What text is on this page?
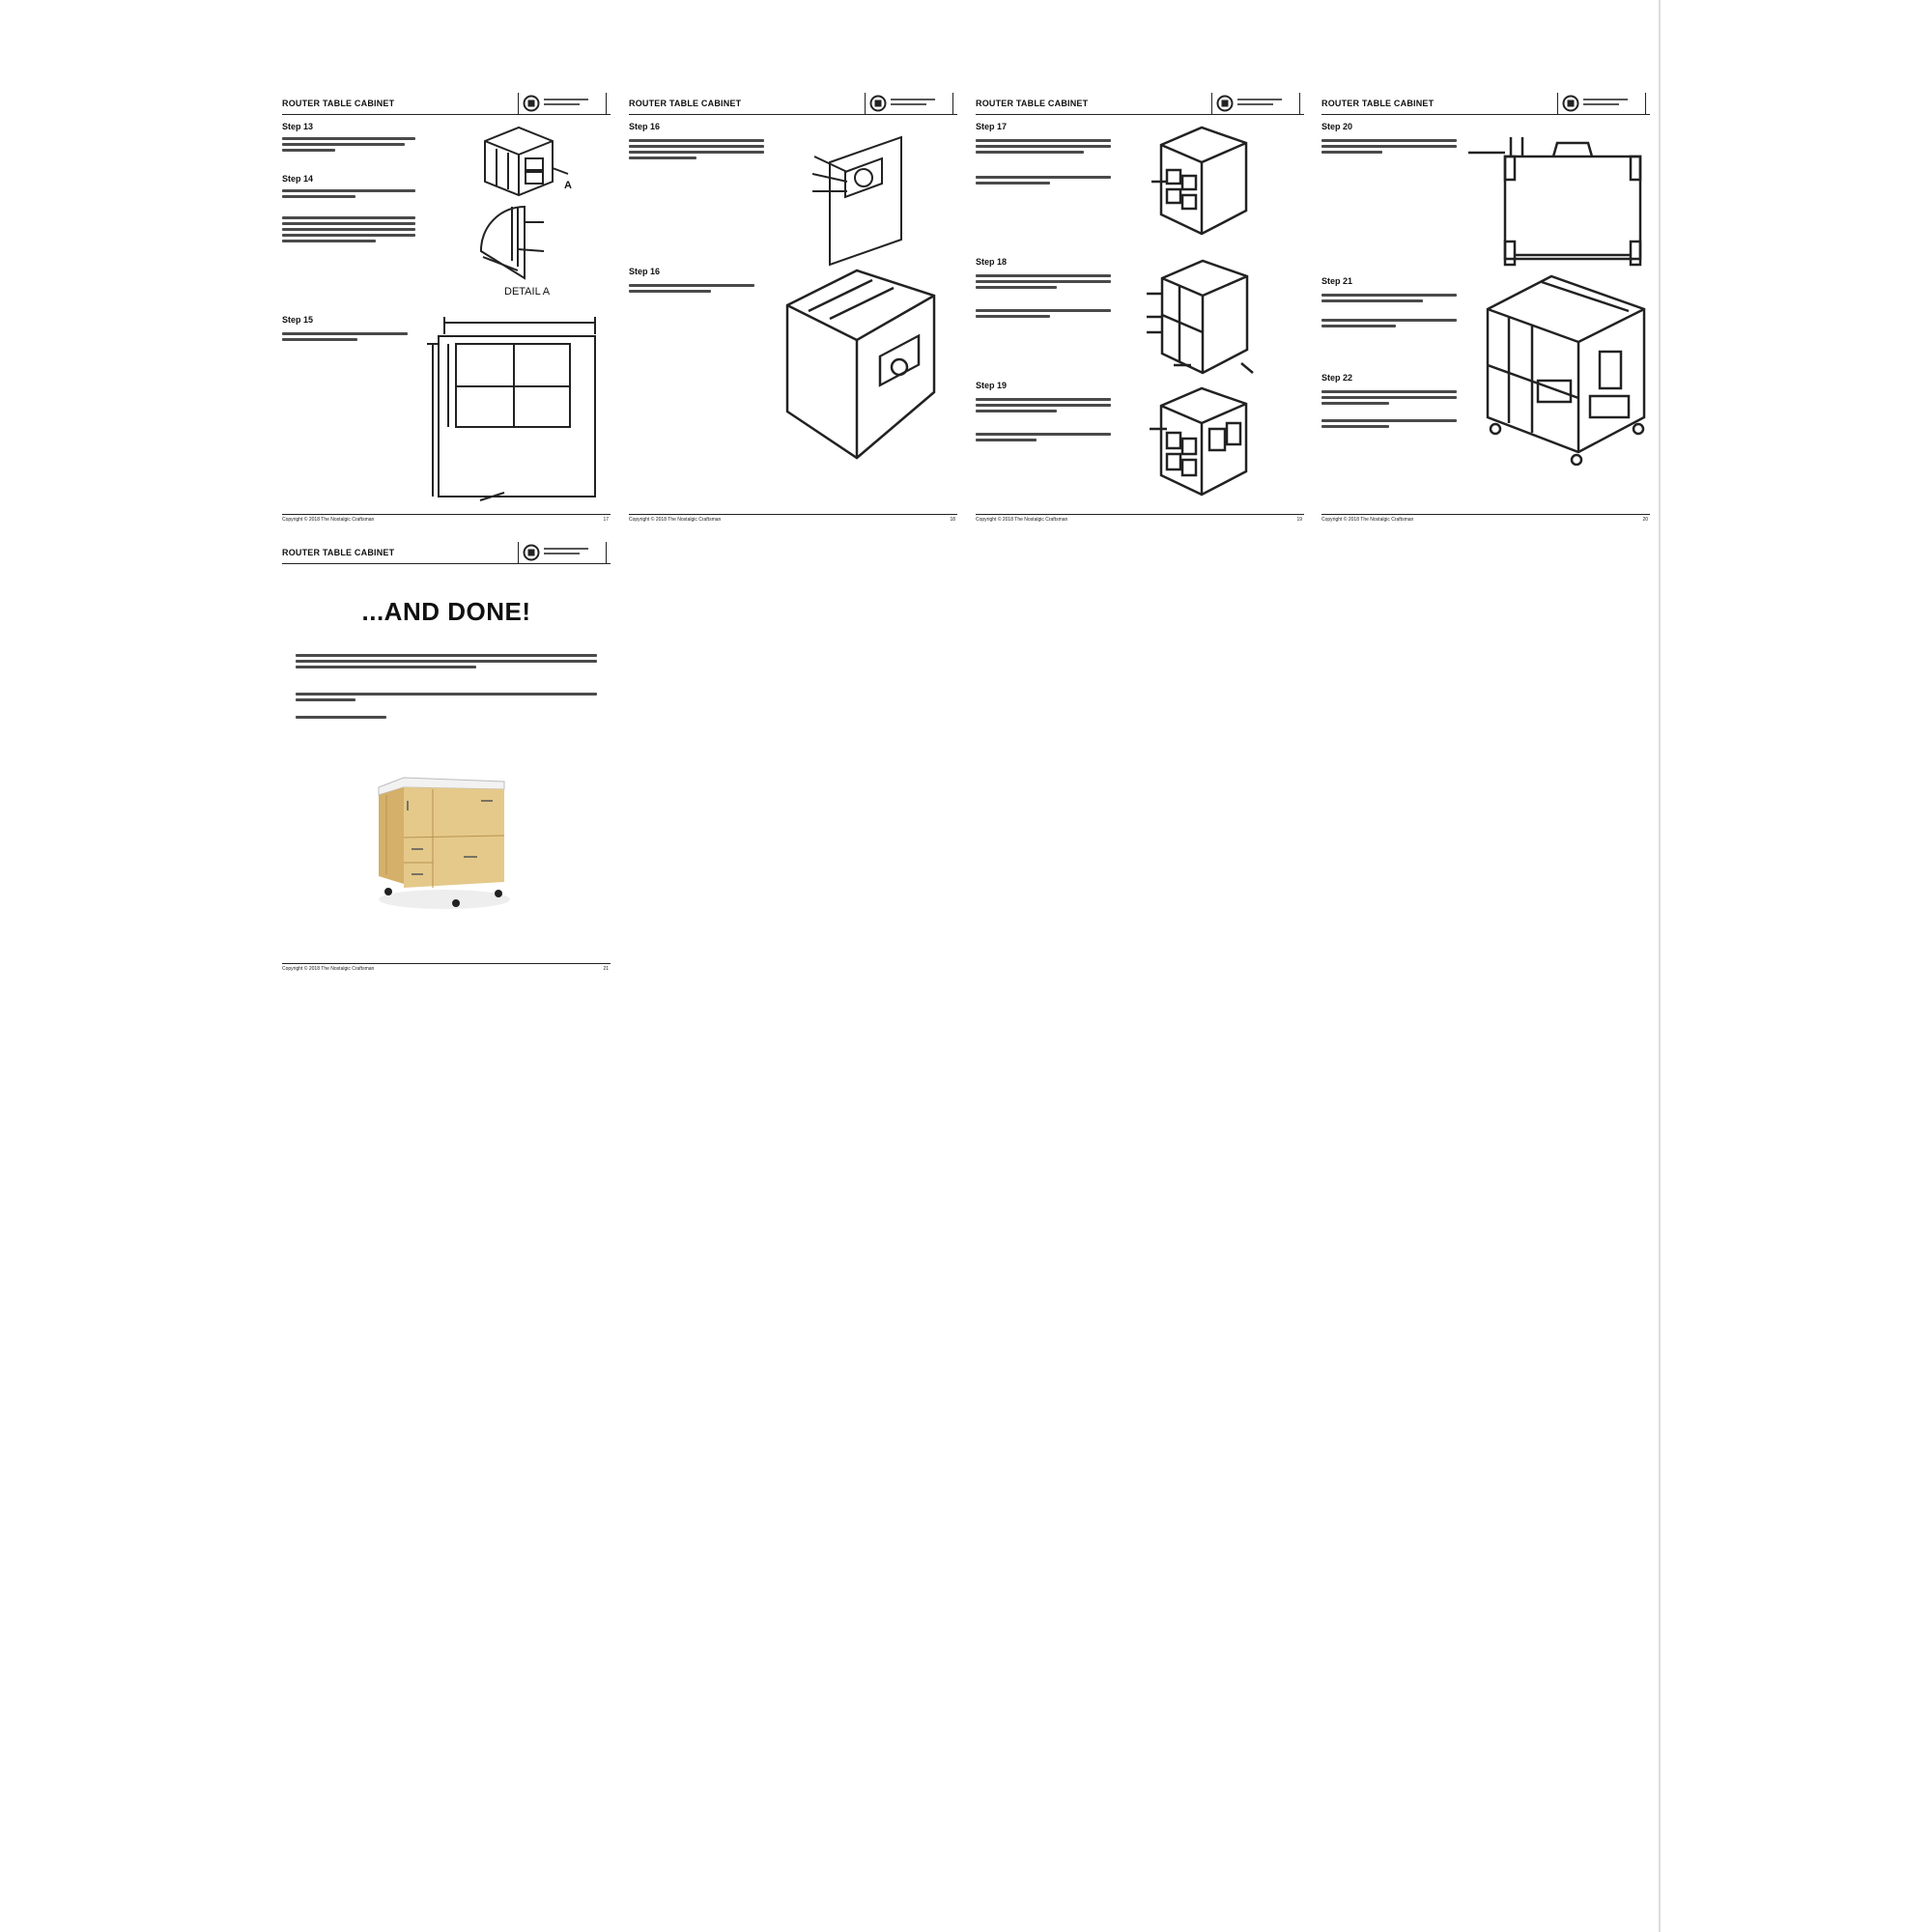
ROUTER TABLE CABINET
Step 13
Step 14
A
DETAIL A
Step 15
Copyright © 2018 The Nostalgic Craftsman	17
ROUTER TABLE CABINET
Step 16
Step 16
Copyright © 2018 The Nostalgic Craftsman	18
ROUTER TABLE CABINET
Step 17
Step 18
Step 19
Copyright © 2018 The Nostalgic Craftsman	19
ROUTER TABLE CABINET
Step 20
Step 21
Step 22
Copyright © 2018 The Nostalgic Craftsman	20
ROUTER TABLE CABINET
...AND DONE!
Copyright © 2018 The Nostalgic Craftsman	21
